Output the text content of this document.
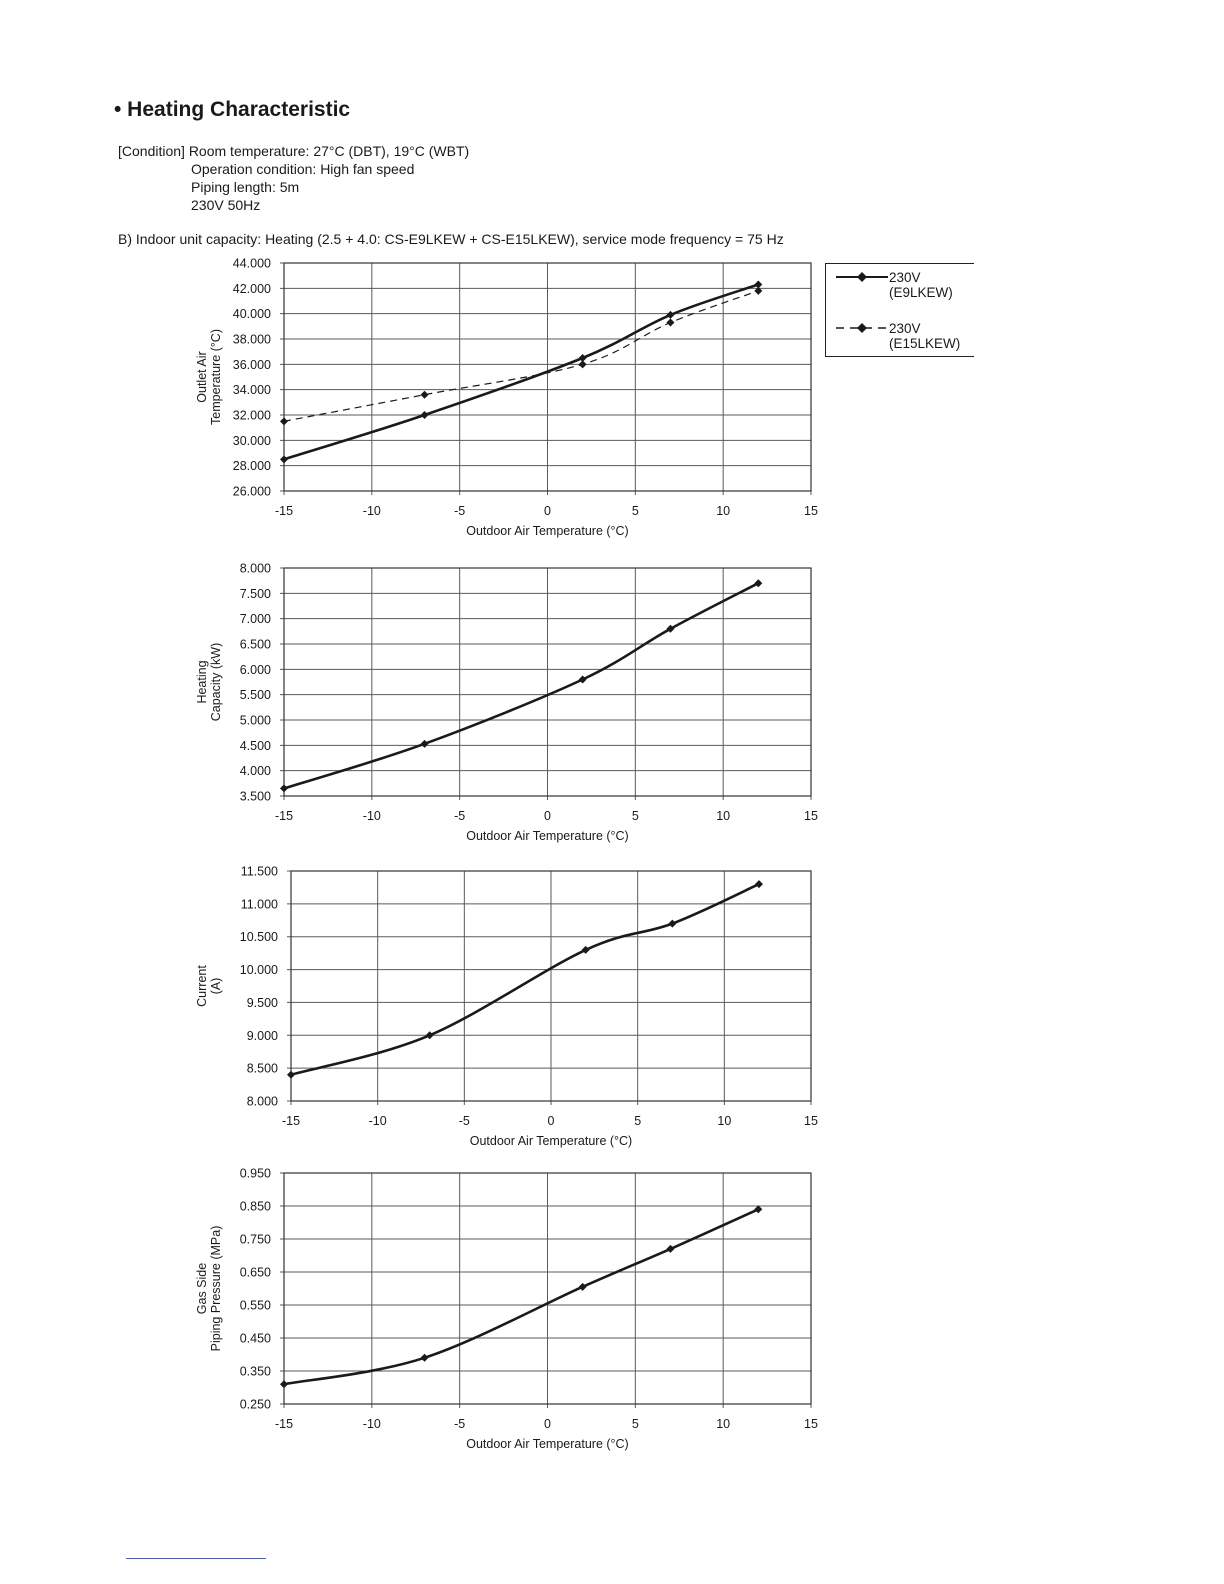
• Heating Characteristic
[Condition] Room temperature: 27°C (DBT), 19°C (WBT)
Operation condition: High fan speed
Piping length: 5m
230V 50Hz
B) Indoor unit capacity: Heating (2.5 + 4.0: CS-E9LKEW + CS-E15LKEW), service mode frequency = 75 Hz
44.000
42.000
40.000
38.000
36.000
34.000
32.000
30.000
28.000
26.000
-15	-10	-5	0	5	10	15
Outdoor Air Temperature (°C)
Outlet Air Temperature (°C)
8.000
7.500
7.000
6.500
6.000
5.500
5.000
4.500
4.000
3.500
-15	-10	-5	0	5	10	15
Outdoor Air Temperature (°C)
Heating Capacity (kW)
11.500
11.000
10.500
10.000
9.500
9.000
8.500
8.000
-15	-10	-5	0	5	10	15
Outdoor Air Temperature (°C)
Current (A)
0.950
0.850
0.750
0.650
0.550
0.450
0.350
0.250
-15	-10	-5	0	5	10	15
Outdoor Air Temperature (°C)
Gas Side Piping Pressure (MPa)
230V
(E9LKEW)
230V
(E15LKEW)
